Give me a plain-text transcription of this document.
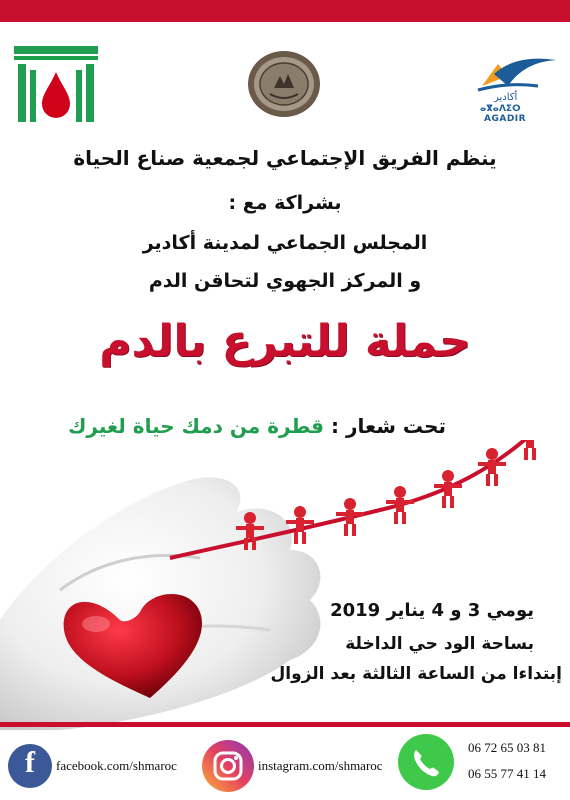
أكادير
ⴰⴳⴰⴷⵉⵔ
AGADIR
ينظم الفريق الإجتماعي لجمعية صناع الحياة
بشراكة مع :
المجلس الجماعي لمدينة أكادير
و المركز الجهوي لتحاقن الدم
حملة للتبرع بالدم
تحت شعار : قطرة من دمك حياة لغيرك
يومي 3 و 4 يناير 2019
بساحة الود حي الداخلة
إبتداءا من الساعة الثالثة بعد الزوال
f	facebook.com/shmaroc	instagram.com/shmaroc
06 72 65 03 81
06 55 77 41 14
